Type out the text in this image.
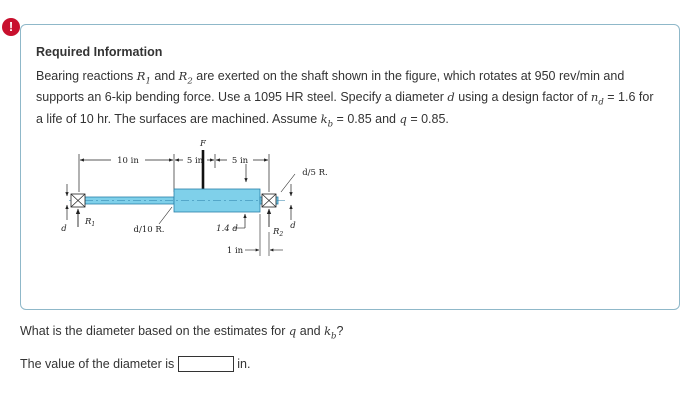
!
Required Information
Bearing reactions $R_1$ and $R_2$ are exerted on the shaft shown in the figure, which rotates at 950 rev/min and supports an 6-kip bending force. Use a 1095 HR steel. Specify a diameter d using a design factor of $n_d = 1.6$ for a life of 10 hr. The surfaces are machined. Assume $k_b = 0.85$ and q = 0.85.
10 in	5 in	5 in
F
d
$R_1$
d/10 R.	1.4 d
d/5 R.
d
$R_2$
1 in
What is the diameter based on the estimates for q and $k_b$?
The value of the diameter is	in.
